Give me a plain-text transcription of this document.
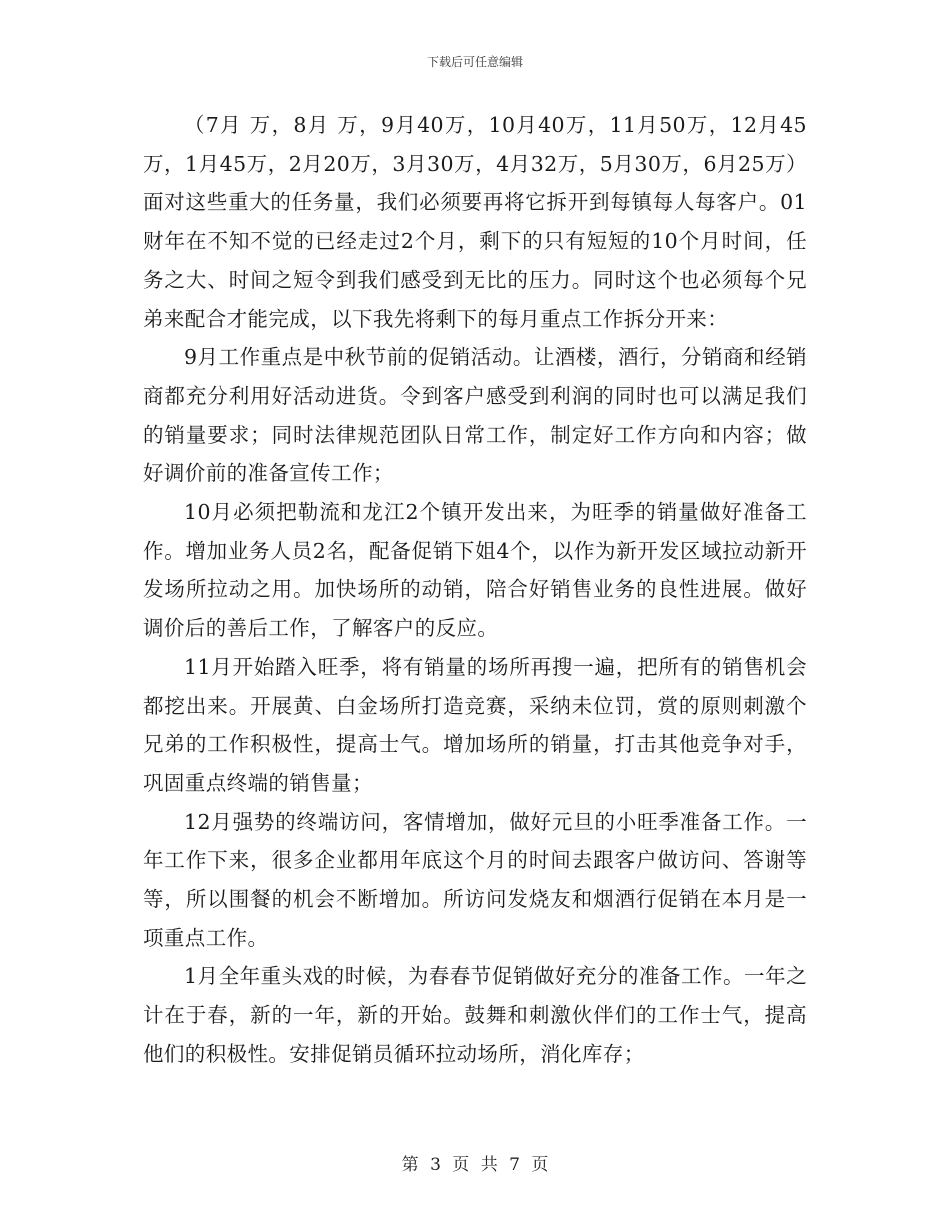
下载后可任意编辑

（7月 万，8月 万，9月40万，10月40万，11月50万，12月45万，1月45万，2月20万，3月30万，4月32万，5月30万，6月25万） 面对这些重大的任务量，我们必须要再将它拆开到每镇每人每客户。01财年在不知不觉的已经走过2个月，剩下的只有短短的10个月时间，任务之大、时间之短令到我们感受到无比的压力。同时这个也必须每个兄弟来配合才能完成，以下我先将剩下的每月重点工作拆分开来：

9月工作重点是中秋节前的促销活动。让酒楼，酒行，分销商和经销商都充分利用好活动进货。令到客户感受到利润的同时也可以满足我们的销量要求；同时法律规范团队日常工作，制定好工作方向和内容；做好调价前的准备宣传工作；

10月必须把勒流和龙江2个镇开发出来，为旺季的销量做好准备工作。增加业务人员2名，配备促销下姐4个，以作为新开发区域拉动新开发场所拉动之用。加快场所的动销，陪合好销售业务的良性进展。做好调价后的善后工作，了解客户的反应。

11月开始踏入旺季，将有销量的场所再搜一遍，把所有的销售机会都挖出来。开展黄、白金场所打造竞赛，采纳未位罚，赏的原则刺激个兄弟的工作积极性，提高士气。增加场所的销量，打击其他竞争对手，巩固重点终端的销售量；

12月强势的终端访问，客情增加，做好元旦的小旺季准备工作。一年工作下来，很多企业都用年底这个月的时间去跟客户做访问、答谢等等，所以围餐的机会不断增加。所访问发烧友和烟酒行促销在本月是一项重点工作。

1月全年重头戏的时候，为春春节促销做好充分的准备工作。一年之计在于春，新的一年，新的开始。鼓舞和刺激伙伴们的工作士气，提高他们的积极性。安排促销员循环拉动场所，消化库存；

第 3 页 共 7 页
